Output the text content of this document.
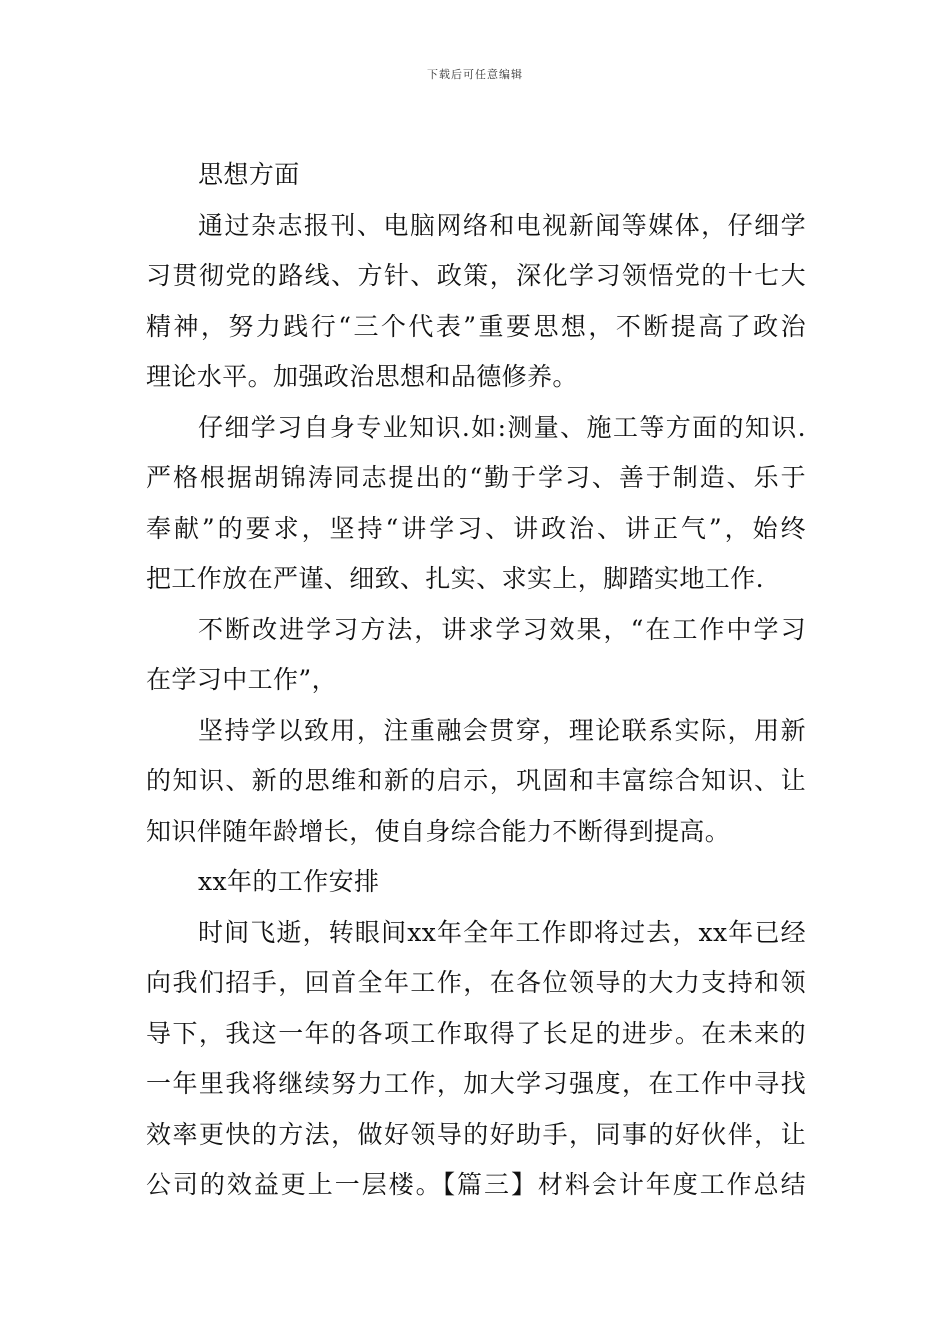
下载后可任意编辑
思想方面
通过杂志报刊、电脑网络和电视新闻等媒体，仔细学
习贯彻党的路线、方针、政策，深化学习领悟党的十七大
精神，努力践行“三个代表”重要思想，不断提高了政治
理论水平。加强政治思想和品德修养。
仔细学习自身专业知识.如:测量、施工等方面的知识.
严格根据胡锦涛同志提出的“勤于学习、善于制造、乐于
奉献”的要求，坚持“讲学习、讲政治、讲正气”，始终
把工作放在严谨、细致、扎实、求实上，脚踏实地工作.
不断改进学习方法，讲求学习效果，“在工作中学习
在学习中工作”，
坚持学以致用，注重融会贯穿，理论联系实际，用新
的知识、新的思维和新的启示，巩固和丰富综合知识、让
知识伴随年龄增长，使自身综合能力不断得到提高。
xx年的工作安排
时间飞逝，转眼间xx年全年工作即将过去，xx年已经
向我们招手，回首全年工作，在各位领导的大力支持和领
导下，我这一年的各项工作取得了长足的进步。在未来的
一年里我将继续努力工作，加大学习强度，在工作中寻找
效率更快的方法，做好领导的好助手，同事的好伙伴，让
公司的效益更上一层楼。【篇三】材料会计年度工作总结
